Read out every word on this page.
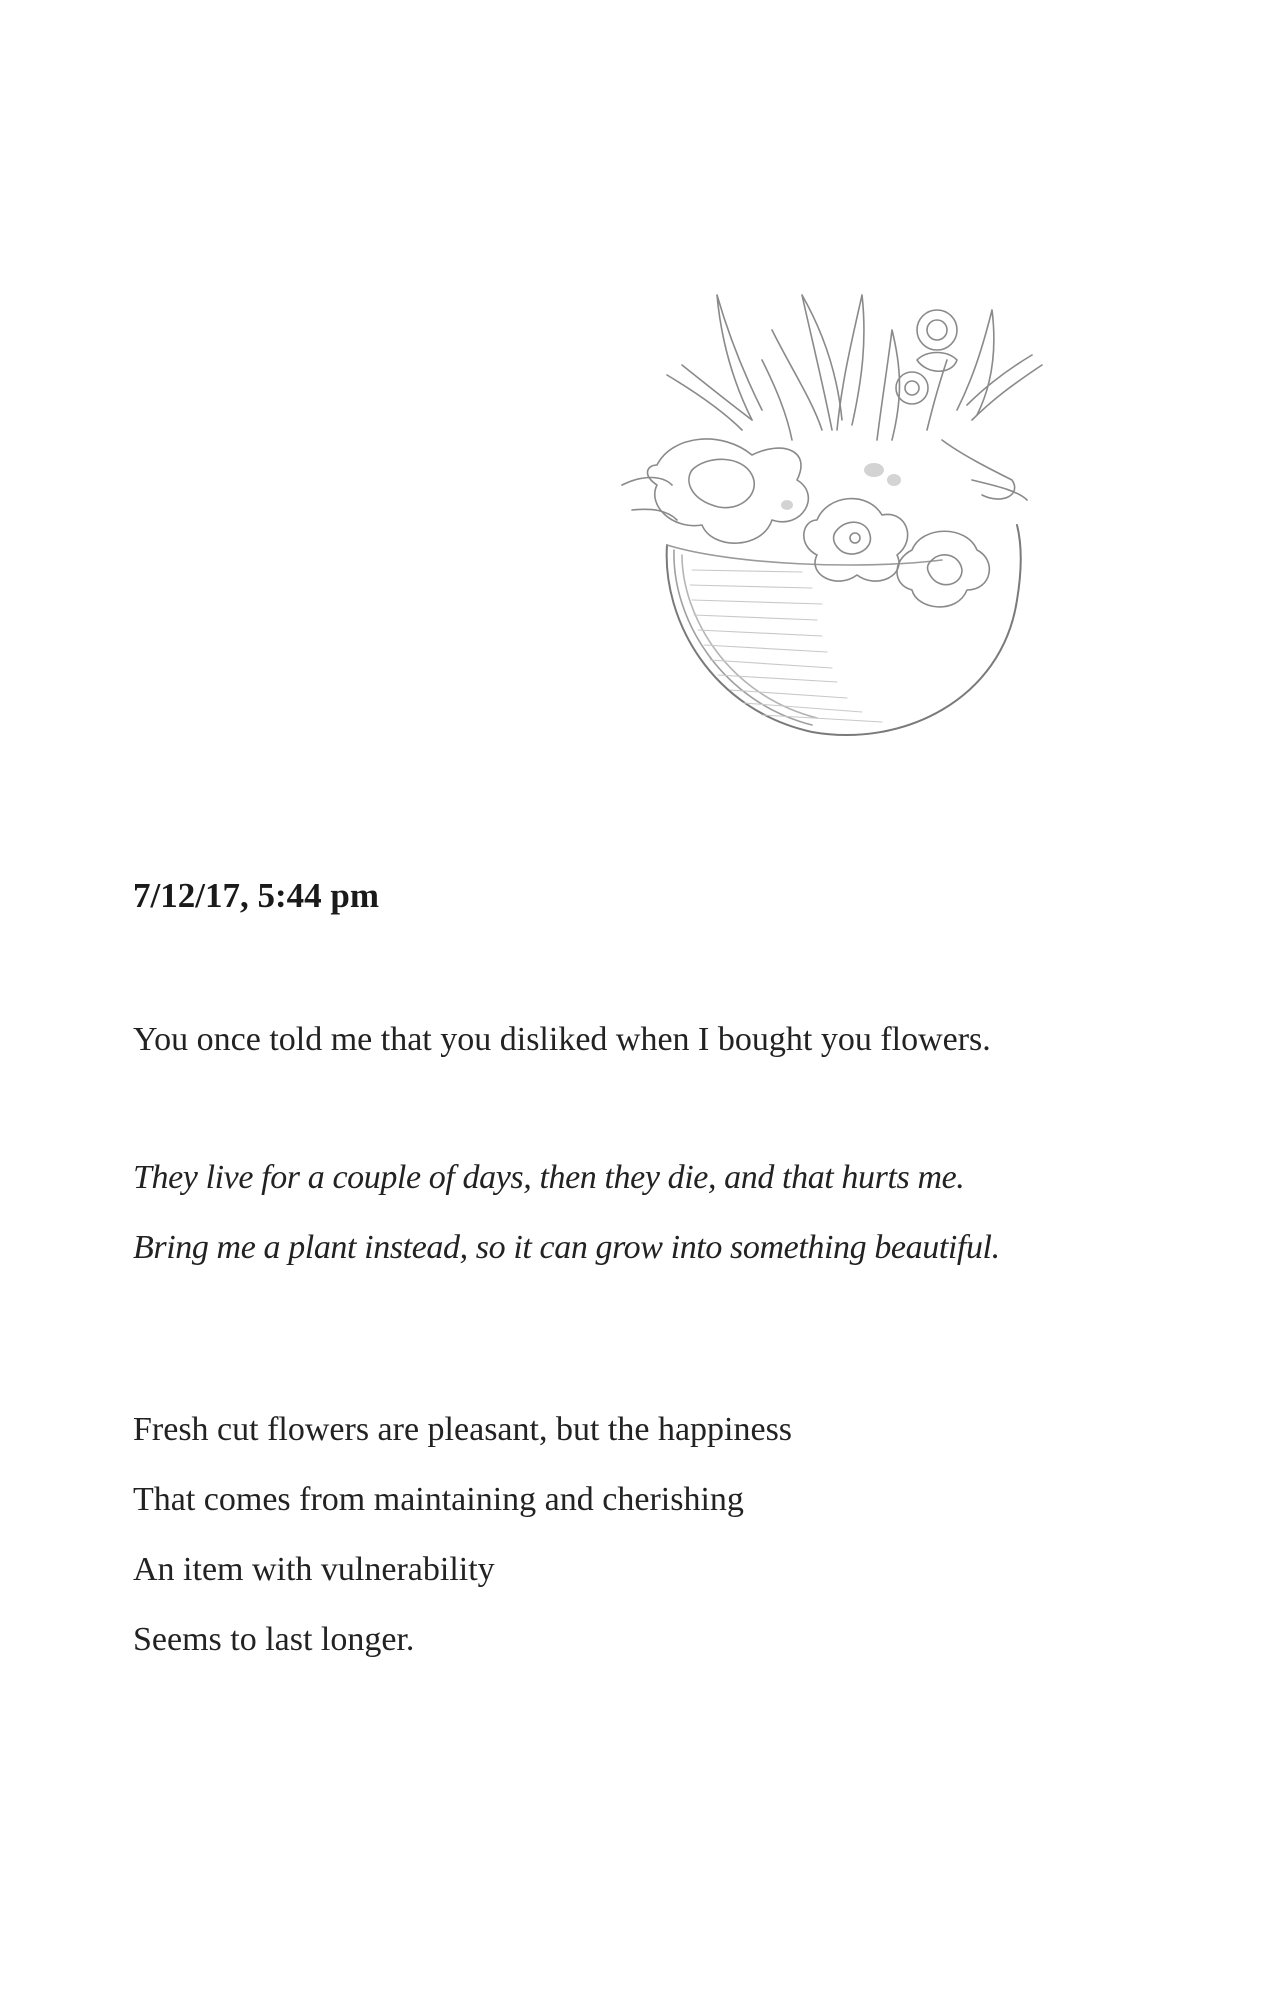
7/12/17, 5:44 pm
You once told me that you disliked when I bought you flowers.
They live for a couple of days, then they die, and that hurts me.
Bring me a plant instead, so it can grow into something beautiful.
Fresh cut flowers are pleasant, but the happiness
That comes from maintaining and cherishing
An item with vulnerability
Seems to last longer.
